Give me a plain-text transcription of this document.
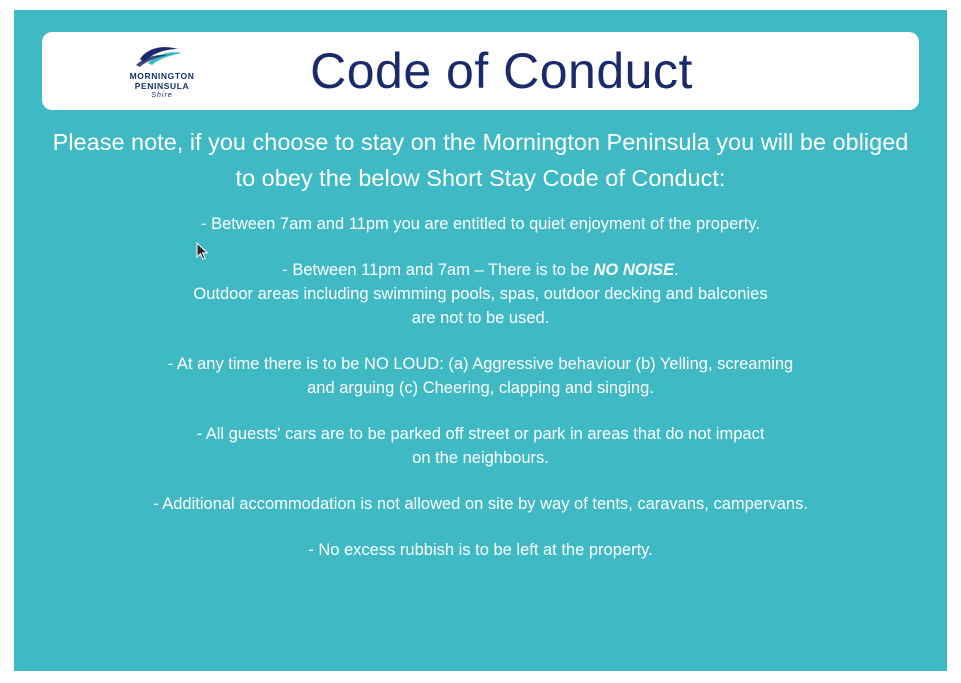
MORNINGTON
PENINSULA
Shire	Code of Conduct
Please note, if you choose to stay on the Mornington Peninsula you will be obliged to obey the below Short Stay Code of Conduct:
- Between 7am and 11pm you are entitled to quiet enjoyment of the property.
- Between 11pm and 7am – There is to be NO NOISE.
Outdoor areas including swimming pools, spas, outdoor decking and balconies
are not to be used.
- At any time there is to be NO LOUD: (a) Aggressive behaviour (b) Yelling, screaming
and arguing (c) Cheering, clapping and singing.
- All guests' cars are to be parked off street or park in areas that do not impact
on the neighbours.
- Additional accommodation is not allowed on site by way of tents, caravans, campervans.
- No excess rubbish is to be left at the property.
